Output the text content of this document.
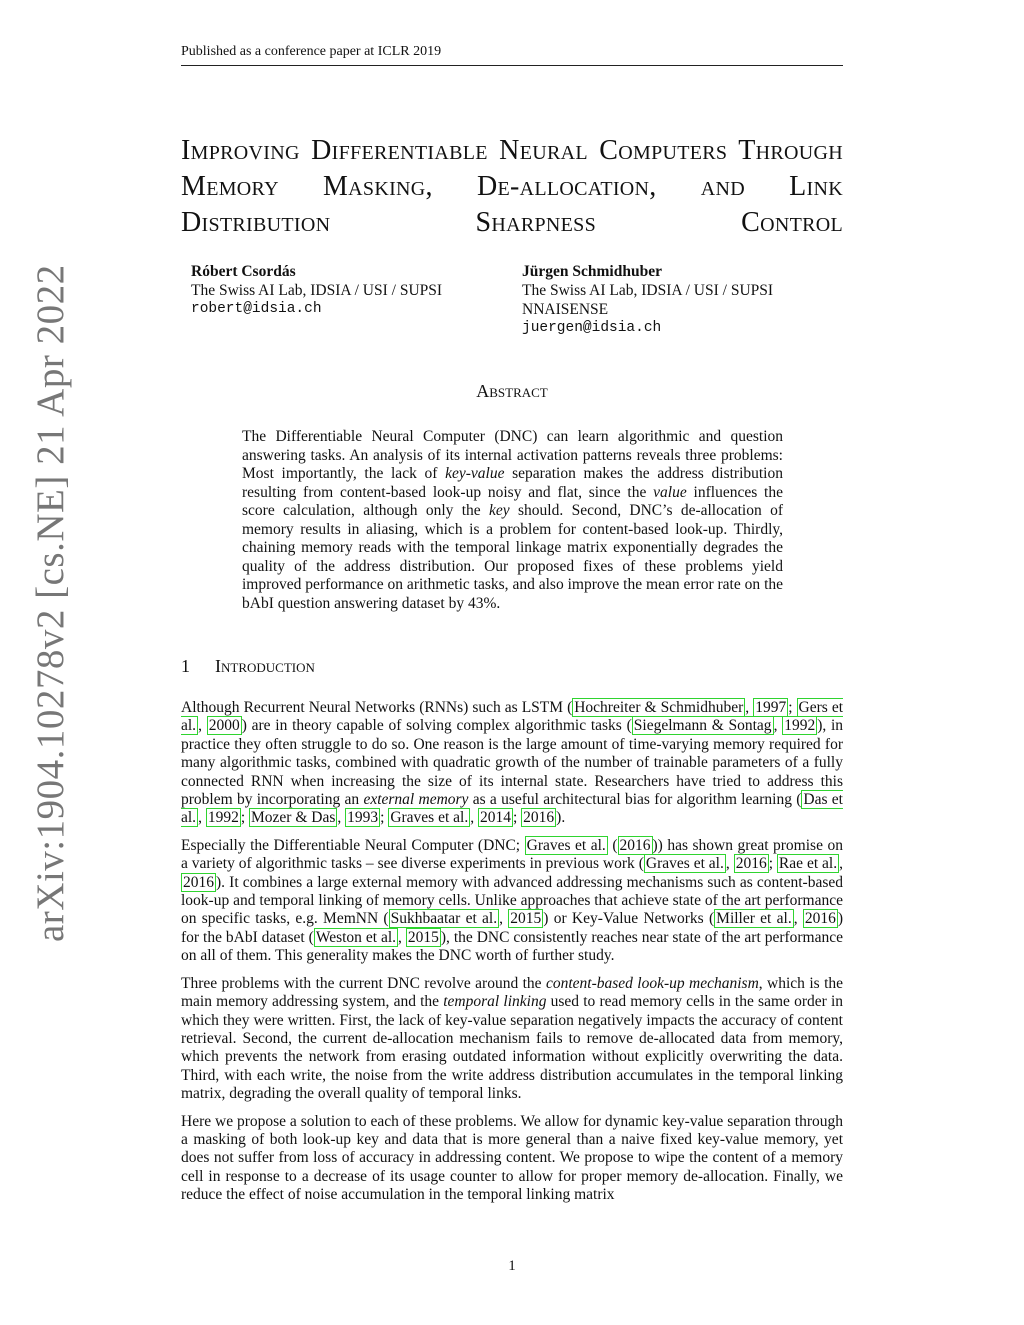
Published as a conference paper at ICLR 2019
Improving Differentiable Neural Computers Through Memory Masking, De-allocation, and Link Distribution Sharpness Control
Róbert Csordás
The Swiss AI Lab, IDSIA / USI / SUPSI
robert@idsia.ch
Jürgen Schmidhuber
The Swiss AI Lab, IDSIA / USI / SUPSI
NNAISENSE
juergen@idsia.ch
arXiv:1904.10278v2 [cs.NE] 21 Apr 2022	Abstract

The Differentiable Neural Computer (DNC) can learn algorithmic and question answering tasks. An analysis of its internal activation patterns reveals three problems: Most importantly, the lack of key-value separation makes the address distribution resulting from content-based look-up noisy and flat, since the value influences the score calculation, although only the key should. Second, DNC’s de-allocation of memory results in aliasing, which is a problem for content-based look-up. Thirdly, chaining memory reads with the temporal linkage matrix exponentially degrades the quality of the address distribution. Our proposed fixes of these problems yield improved performance on arithmetic tasks, and also improve the mean error rate on the bAbI question answering dataset by 43%.

1 Introduction

Although Recurrent Neural Networks (RNNs) such as LSTM ( Hochreiter & Schmidhuber , 1997 ; Gers et al. , 2000 ) are in theory capable of solving complex algorithmic tasks ( Siegelmann & Sontag , 1992 ), in practice they often struggle to do so. One reason is the large amount of time-varying memory required for many algorithmic tasks, combined with quadratic growth of the number of trainable parameters of a fully connected RNN when increasing the size of its internal state. Researchers have tried to address this problem by incorporating an external memory as a useful architectural bias for algorithm learning ( Das et al. , 1992 ; Mozer & Das , 1993 ; Graves et al. , 2014 ; 2016 ).

Especially the Differentiable Neural Computer (DNC; Graves et al. ( 2016 )) has shown great promise on a variety of algorithmic tasks – see diverse experiments in previous work ( Graves et al. , 2016 ; Rae et al. , 2016 ). It combines a large external memory with advanced addressing mechanisms such as content-based look-up and temporal linking of memory cells. Unlike approaches that achieve state of the art performance on specific tasks, e.g. MemNN ( Sukhbaatar et al. , 2015 ) or Key-Value Networks ( Miller et al. , 2016 ) for the bAbI dataset ( Weston et al. , 2015 ), the DNC consistently reaches near state of the art performance on all of them. This generality makes the DNC worth of further study.

Three problems with the current DNC revolve around the content-based look-up mechanism, which is the main memory addressing system, and the temporal linking used to read memory cells in the same order in which they were written. First, the lack of key-value separation negatively impacts the accuracy of content retrieval. Second, the current de-allocation mechanism fails to remove de-allocated data from memory, which prevents the network from erasing outdated information without explicitly overwriting the data. Third, with each write, the noise from the write address distribution accumulates in the temporal linking matrix, degrading the overall quality of temporal links.

Here we propose a solution to each of these problems. We allow for dynamic key-value separation through a masking of both look-up key and data that is more general than a naive fixed key-value memory, yet does not suffer from loss of accuracy in addressing content. We propose to wipe the content of a memory cell in response to a decrease of its usage counter to allow for proper memory de-allocation. Finally, we reduce the effect of noise accumulation in the temporal linking matrix

1
